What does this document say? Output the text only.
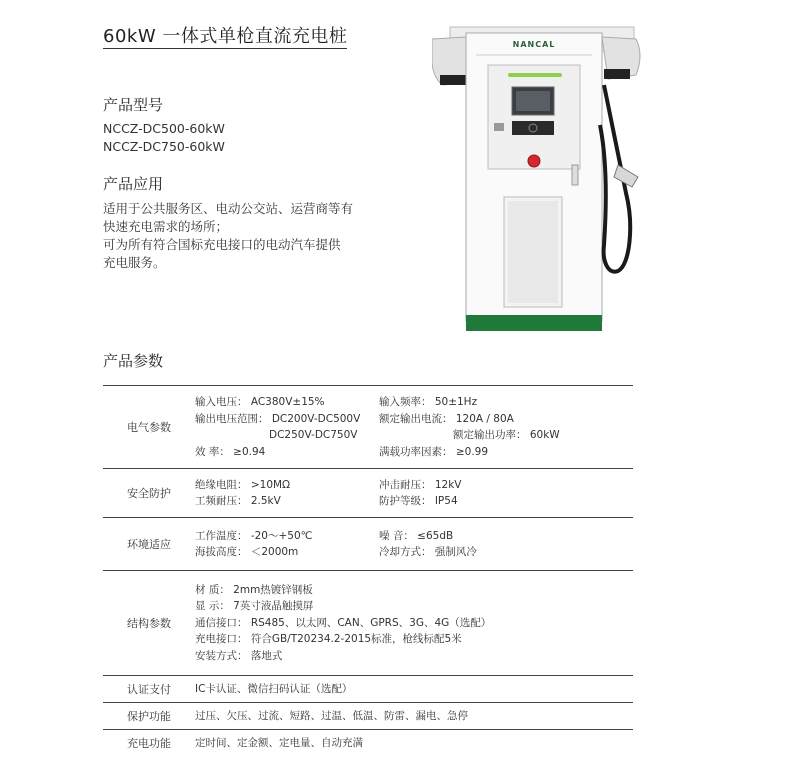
60kW 一体式单枪直流充电桩
产品型号
NCCZ-DC500-60kW
NCCZ-DC750-60kW
产品应用
适用于公共服务区、电动公交站、运营商等有
快速充电需求的场所；
可为所有符合国标充电接口的电动汽车提供
充电服务。
NANCAL
产品参数
电气参数
输入电压： AC380V±15%	输入频率： 50±1Hz
输出电压范围： DC200V-DC500V	额定输出电流： 120A / 80A
DC250V-DC750V	额定输出功率： 60kW
效 率： ≥0.94	满载功率因素： ≥0.99
安全防护
绝缘电阻： >10MΩ	冲击耐压： 12kV
工频耐压： 2.5kV	防护等级： IP54
环境适应
工作温度： -20～+50℃	噪 音： ≤65dB
海拔高度： ＜2000m	冷却方式： 强制风冷
结构参数
材 质： 2mm热镀锌钢板
显 示： 7英寸液晶触摸屏
通信接口： RS485、以太网、CAN、GPRS、3G、4G（选配）
充电接口： 符合GB/T20234.2-2015标准，枪线标配5米
安装方式： 落地式
认证支付	IC卡认证、微信扫码认证（选配）
保护功能	过压、欠压、过流、短路、过温、低温、防雷、漏电、急停
充电功能	定时间、定金额、定电量、自动充满
